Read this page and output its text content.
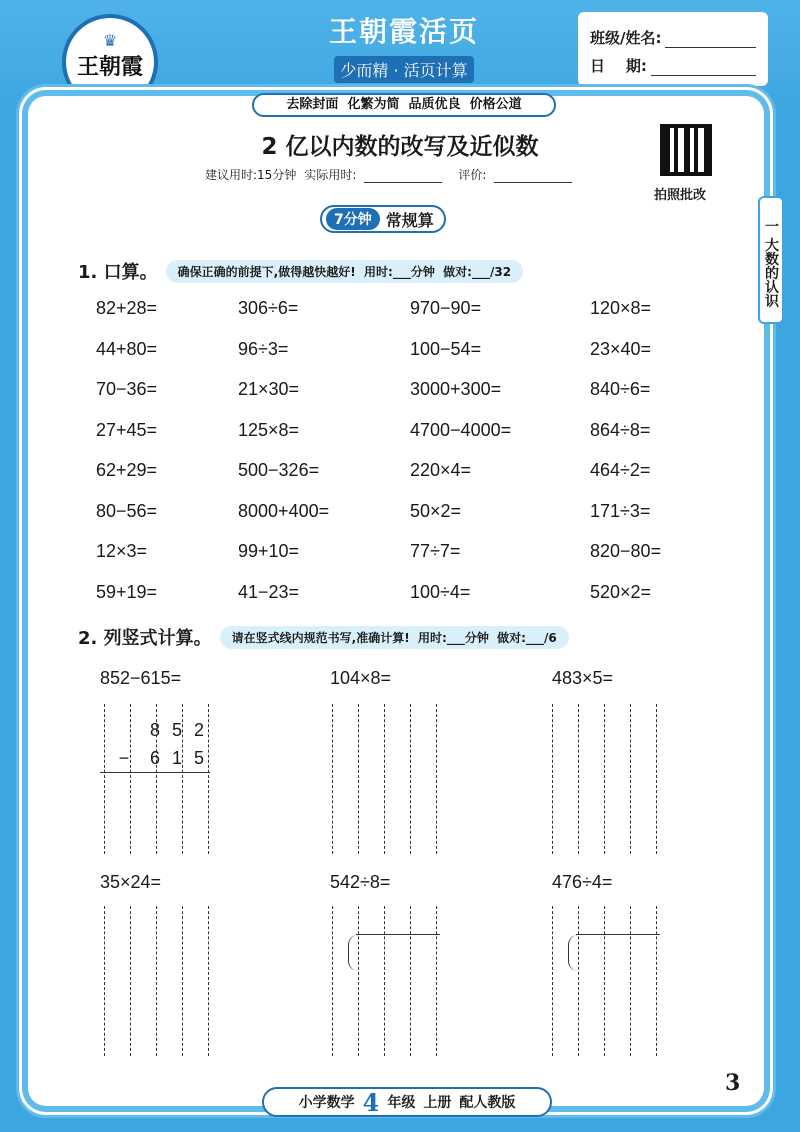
♛
王朝霞
高xj相伴 成就名校
王朝霞活页
少而精 · 活页计算
班级/姓名:
日    期:
去除封面  化繁为简  品质优良  价格公道
2 亿以内数的改写及近似数
建议用时:15分钟 实际用时:	评价:
拍照批改
一 大数的认识
7分钟 常规算
1. 口算。	确保正确的前提下,做得越快越好!  用时:___分钟  做对:___/32
82+28=	306÷6=	970−90=	120×8=
44+80=	96÷3=	100−54=	23×40=
70−36=	21×30=	3000+300=	840÷6=
27+45=	125×8=	4700−4000=	864÷8=
62+29=	500−326=	220×4=	464÷2=
80−56=	8000+400=	50×2=	171÷3=
12×3=	99+10=	77÷7=	820−80=
59+19=	41−23=	100÷4=	520×2=
2. 列竖式计算。	请在竖式线内规范书写,准确计算!  用时:___分钟  做对:___/6
852−615=	104×8=	483×5=
35×24=	542÷8=	476÷4=
8 5 2
−	6 1 5
小学数学 4 年级 上册 配人教版
3
